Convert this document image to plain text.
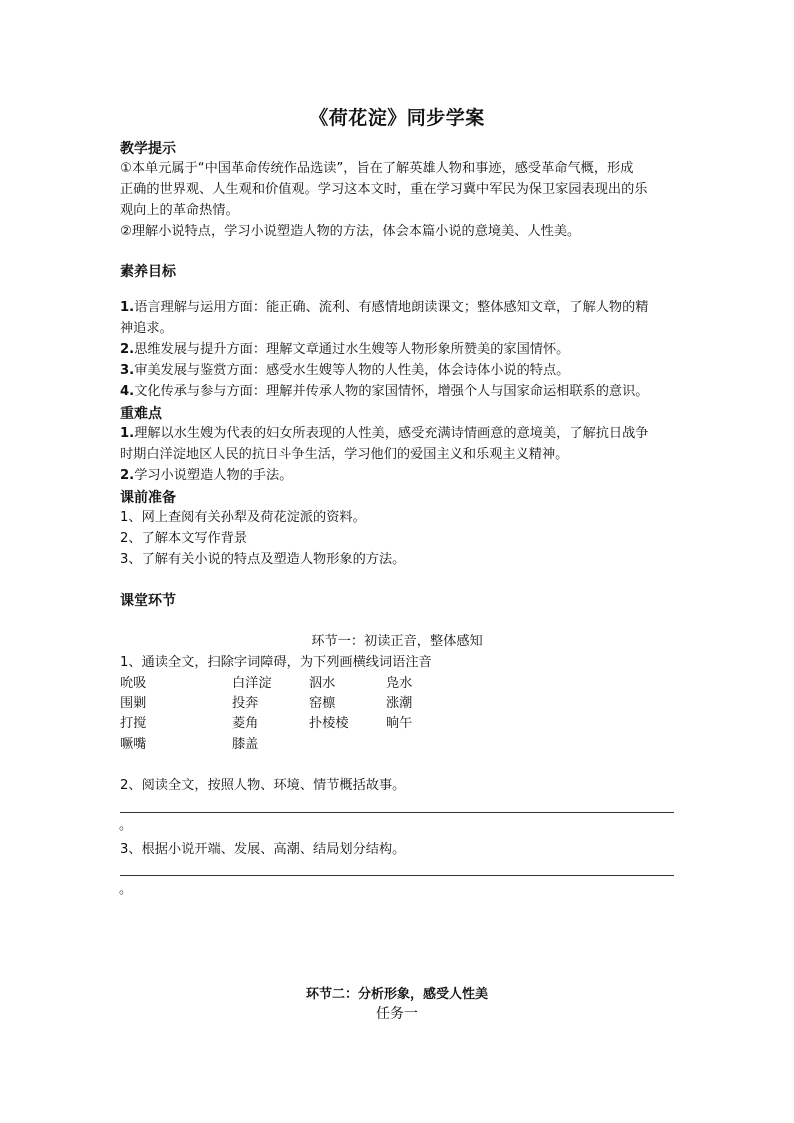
《荷花淀》同步学案
教学提示
①本单元属于“中国革命传统作品选读”，旨在了解英雄人物和事迹，感受革命气概，形成
正确的世界观、人生观和价值观。学习这本文时，重在学习冀中军民为保卫家园表现出的乐
观向上的革命热情。
②理解小说特点，学习小说塑造人物的方法，体会本篇小说的意境美、人性美。
素养目标
1.语言理解与运用方面：能正确、流利、有感情地朗读课文；整体感知文章，了解人物的精
神追求。
2.思维发展与提升方面：理解文章通过水生嫂等人物形象所赞美的家国情怀。
3.审美发展与鉴赏方面：感受水生嫂等人物的人性美，体会诗体小说的特点。
4.文化传承与参与方面：理解并传承人物的家国情怀，增强个人与国家命运相联系的意识。
重难点
1.理解以水生嫂为代表的妇女所表现的人性美，感受充满诗情画意的意境美，了解抗日战争
时期白洋淀地区人民的抗日斗争生活，学习他们的爱国主义和乐观主义精神。
2.学习小说塑造人物的手法。
课前准备
1、网上查阅有关孙犁及荷花淀派的资料。
2、了解本文写作背景
3、了解有关小说的特点及塑造人物形象的方法。
课堂环节
环节一：初读正音，整体感知
1、通读全文，扫除字词障碍，为下列画横线词语注音
吮吸	白洋淀	泅水	凫水
围剿	投奔	窑檩	涨潮
打搅	菱角	扑棱棱	晌午
噘嘴	膝盖
2、阅读全文，按照人物、环境、情节概括故事。
。
3、根据小说开端、发展、高潮、结局划分结构。
。
环节二：分析形象，感受人性美
任务一
